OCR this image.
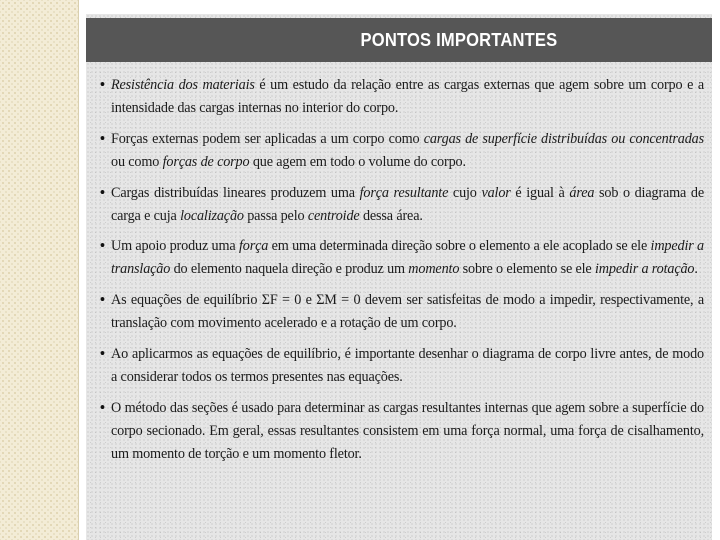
PONTOS IMPORTANTES
• Resistência dos materiais é um estudo da relação entre as cargas externas que agem sobre um corpo e a intensidade das cargas internas no interior do corpo.
• Forças externas podem ser aplicadas a um corpo como cargas de superfície distribuídas ou concentradas ou como forças de corpo que agem em todo o volume do corpo.
• Cargas distribuídas lineares produzem uma força resultante cujo valor é igual à área sob o diagrama de carga e cuja localização passa pelo centroide dessa área.
• Um apoio produz uma força em uma determinada direção sobre o elemento a ele acoplado se ele impedir a translação do elemento naquela direção e produz um momento sobre o elemento se ele impedir a rotação.
• As equações de equilíbrio ΣF = 0 e ΣM = 0 devem ser satisfeitas de modo a impedir, respectivamente, a translação com movimento acelerado e a rotação de um corpo.
• Ao aplicarmos as equações de equilíbrio, é importante desenhar o diagrama de corpo livre antes, de modo a considerar todos os termos presentes nas equações.
• O método das seções é usado para determinar as cargas resultantes internas que agem sobre a superfície do corpo secionado. Em geral, essas resultantes consistem em uma força normal, uma força de cisalhamento, um momento de torção e um momento fletor.
